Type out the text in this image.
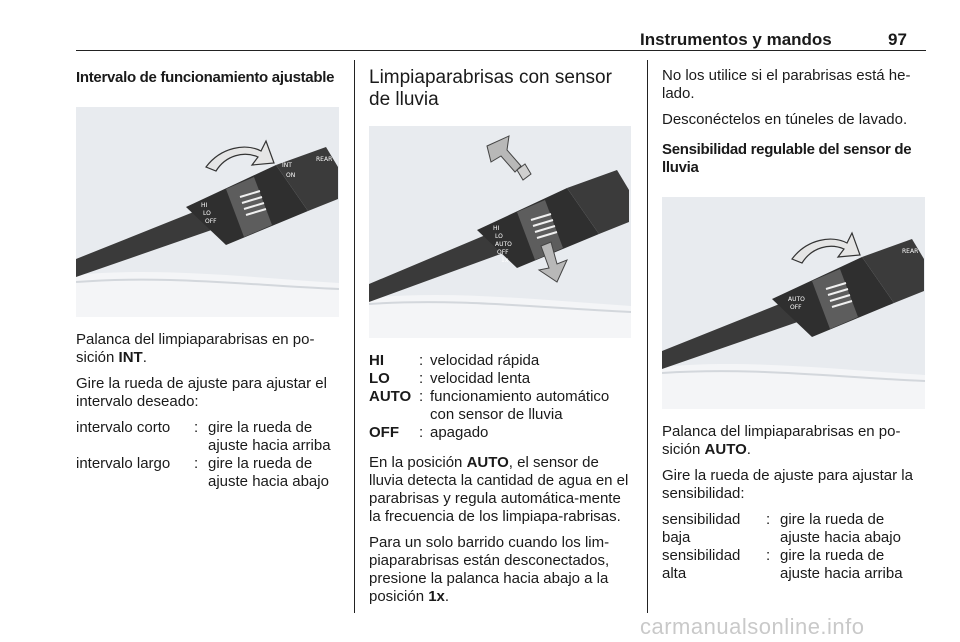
Instrumentos y mandos	97
Intervalo de funcionamiento ajustable
INT
ON
REAR
HI
LO
OFF

Palanca del limpiaparabrisas en po-sición INT.

Gire la rueda de ajuste para ajustar el intervalo deseado:

intervalo corto	:	gire la rueda de ajuste hacia arriba
intervalo largo	:	gire la rueda de ajuste hacia abajo
Limpiaparabrisas con sensor de lluvia
HI
LO
AUTO
OFF
1x
HI	:	velocidad rápida
LO	:	velocidad lenta
AUTO	:	funcionamiento automático con sensor de lluvia
OFF	:	apagado

En la posición AUTO, el sensor de lluvia detecta la cantidad de agua en el parabrisas y regula automática-mente la frecuencia de los limpiapa-rabrisas.

Para un solo barrido cuando los lim-piaparabrisas están desconectados, presione la palanca hacia abajo a la posición 1x.

No los utilice si el parabrisas está he-lado.

Desconéctelos en túneles de lavado.

Sensibilidad regulable del sensor de lluvia
AUTO
OFF
REAR

Palanca del limpiaparabrisas en po-sición AUTO.

Gire la rueda de ajuste para ajustar la sensibilidad:

sensibilidad baja	:	gire la rueda de ajuste hacia abajo
sensibilidad alta	:	gire la rueda de ajuste hacia arriba
carmanualsonline.info
